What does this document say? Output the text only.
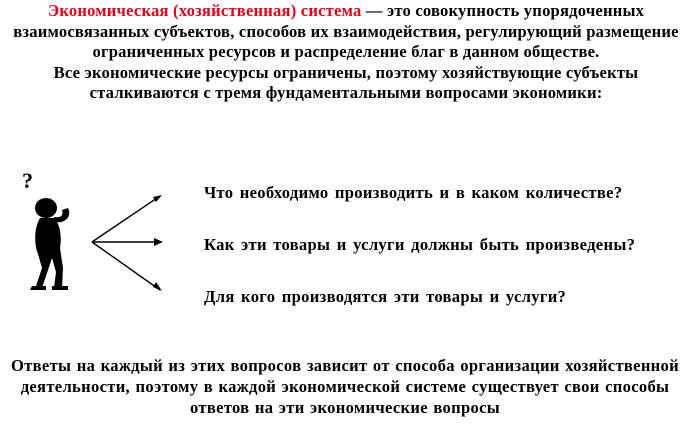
Экономическая (хозяйственная) система — это совокупность упорядоченных взаимосвязанных субъектов, способов их взаимодействия, регулирующий размещение ограниченных ресурсов и распределение благ в данном обществе.
Все экономические ресурсы ограничены, поэтому хозяйствующие субъекты сталкиваются с тремя фундаментальными вопросами экономики:
?	Что необходимо производить и в каком количестве?
Как эти товары и услуги должны быть произведены?
Для кого производятся эти товары и услуги?
Ответы на каждый из этих вопросов зависит от способа организации хозяйственной деятельности, поэтому в каждой экономической системе существует свои способы ответов на эти экономические вопросы
